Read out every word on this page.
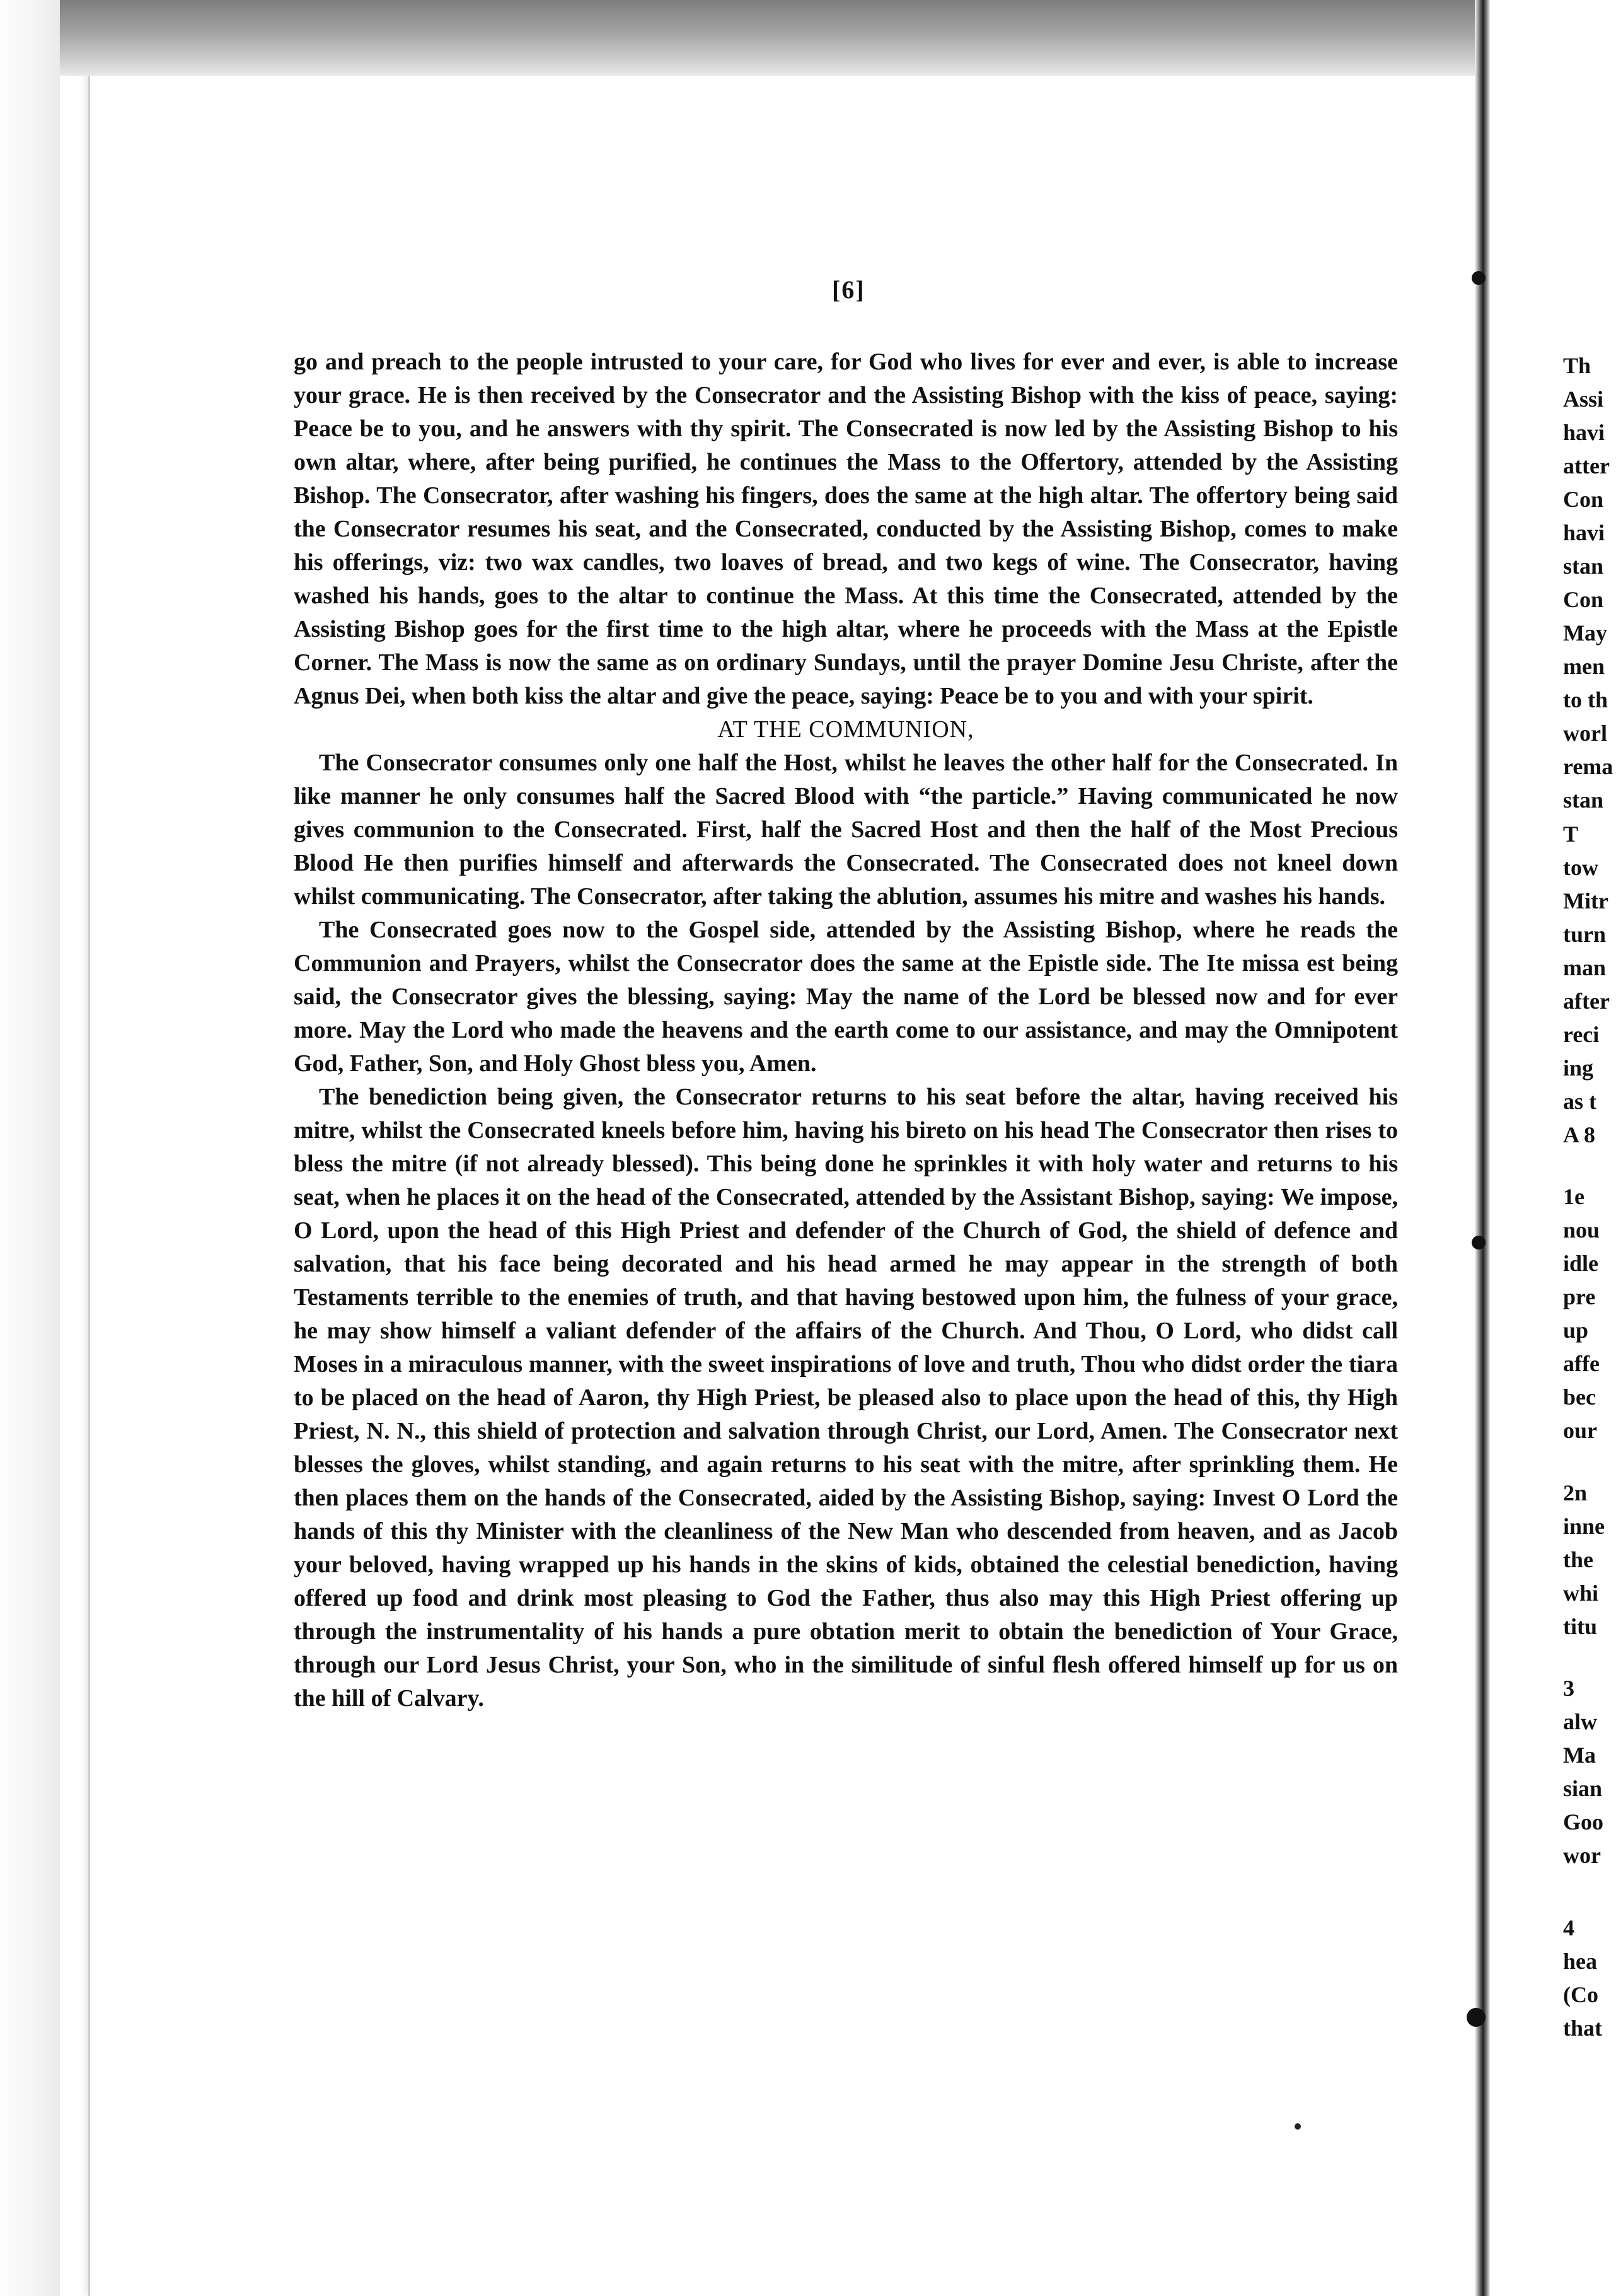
[6]

go and preach to the people intrusted to your care, for God who lives for ever and ever, is able to increase your grace. He is then received by the Consecrator and the Assisting Bishop with the kiss of peace, saying: Peace be to you, and he answers with thy spirit. The Consecrated is now led by the Assisting Bishop to his own altar, where, after being purified, he continues the Mass to the Offertory, attended by the Assisting Bishop. The Consecrator, after washing his fingers, does the same at the high altar. The offertory being said the Consecrator resumes his seat, and the Consecrated, conducted by the Assisting Bishop, comes to make his offerings, viz: two wax candles, two loaves of bread, and two kegs of wine. The Consecrator, having washed his hands, goes to the altar to continue the Mass. At this time the Consecrated, attended by the Assisting Bishop goes for the first time to the high altar, where he proceeds with the Mass at the Epistle Corner. The Mass is now the same as on ordinary Sundays, until the prayer Domine Jesu Christe, after the Agnus Dei, when both kiss the altar and give the peace, saying: Peace be to you and with your spirit.

AT THE COMMUNION,

The Consecrator consumes only one half the Host, whilst he leaves the other half for the Consecrated. In like manner he only consumes half the Sacred Blood with “the particle.” Having communicated he now gives communion to the Consecrated. First, half the Sacred Host and then the half of the Most Precious Blood He then purifies himself and afterwards the Consecrated. The Consecrated does not kneel down whilst communicating. The Consecrator, after taking the ablution, assumes his mitre and washes his hands.

The Consecrated goes now to the Gospel side, attended by the Assisting Bishop, where he reads the Communion and Prayers, whilst the Consecrator does the same at the Epistle side. The Ite missa est being said, the Consecrator gives the blessing, saying: May the name of the Lord be blessed now and for ever more. May the Lord who made the heavens and the earth come to our assistance, and may the Omnipotent God, Father, Son, and Holy Ghost bless you, Amen.

The benediction being given, the Consecrator returns to his seat before the altar, having received his mitre, whilst the Consecrated kneels before him, having his bireto on his head The Consecrator then rises to bless the mitre (if not already blessed). This being done he sprinkles it with holy water and returns to his seat, when he places it on the head of the Consecrated, attended by the Assistant Bishop, saying: We impose, O Lord, upon the head of this High Priest and defender of the Church of God, the shield of defence and salvation, that his face being decorated and his head armed he may appear in the strength of both Testaments terrible to the enemies of truth, and that having bestowed upon him, the fulness of your grace, he may show himself a valiant defender of the affairs of the Church. And Thou, O Lord, who didst call Moses in a miraculous manner, with the sweet inspirations of love and truth, Thou who didst order the tiara to be placed on the head of Aaron, thy High Priest, be pleased also to place upon the head of this, thy High Priest, N. N., this shield of protection and salvation through Christ, our Lord, Amen. The Consecrator next blesses the gloves, whilst standing, and again returns to his seat with the mitre, after sprinkling them. He then places them on the hands of the Consecrated, aided by the Assisting Bishop, saying: Invest O Lord the hands of this thy Minister with the cleanliness of the New Man who descended from heaven, and as Jacob your beloved, having wrapped up his hands in the skins of kids, obtained the celestial benediction, having offered up food and drink most pleasing to God the Father, thus also may this High Priest offering up through the instrumentality of his hands a pure obtation merit to obtain the benediction of Your Grace, through our Lord Jesus Christ, your Son, who in the similitude of sinful flesh offered himself up for us on the hill of Calvary.

Th
Assi
havi
atter
Con
havi
stan
Con
May
men
to th
worl
rema
stan
T
tow
Mitr
turn
man
after
reci
ing
as t
A 8
1e
nou
idle
pre
up
affe
bec
our
2n
inne
the
whi
titu
3
alw
Ma
sian
Goo
wor
4
hea
(Co
that
